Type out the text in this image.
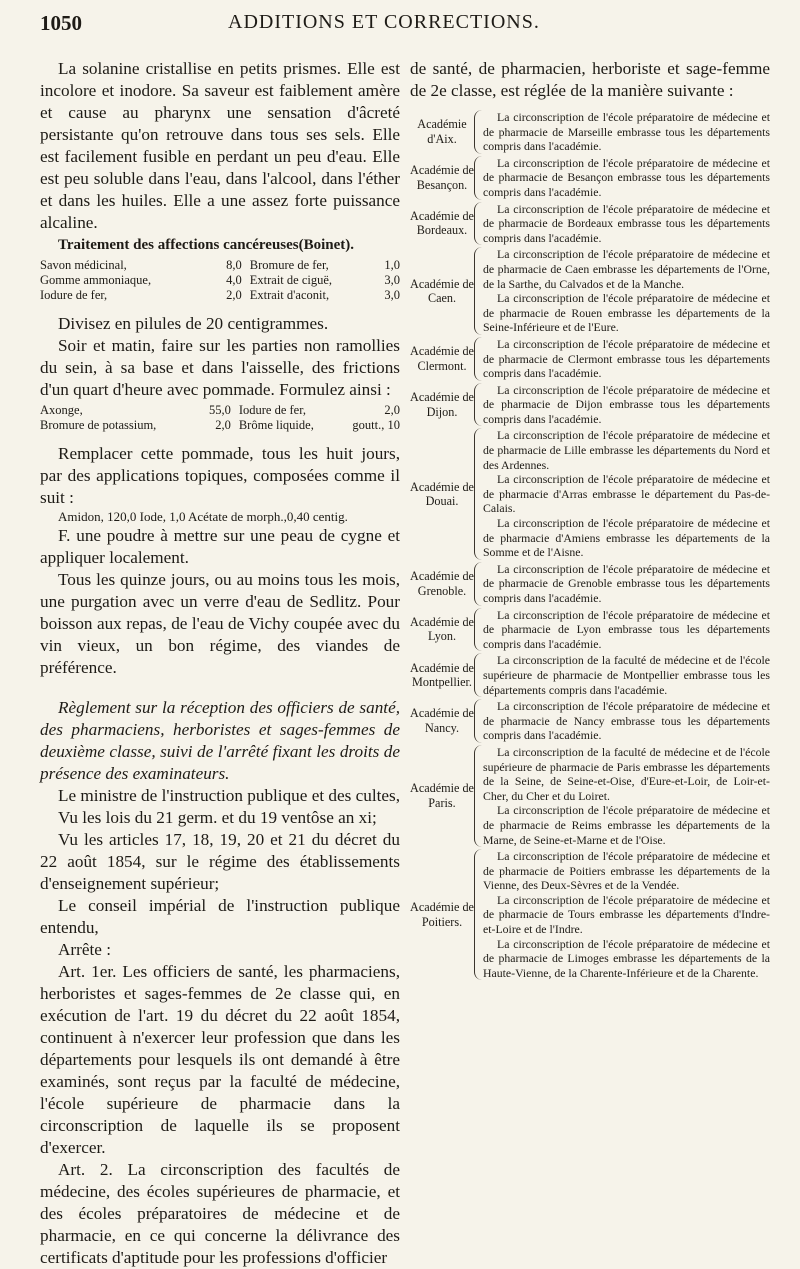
1050	ADDITIONS ET CORRECTIONS.

La solanine cristallise en petits prismes. Elle est incolore et inodore. Sa saveur est faiblement amère et cause au pharynx une sensation d'âcreté persistante qu'on retrouve dans tous ses sels. Elle est facilement fusible en perdant un peu d'eau. Elle est peu soluble dans l'eau, dans l'alcool, dans l'éther et dans les huiles. Elle a une assez forte puissance alcaline.

Traitement des affections cancéreuses(Boinet).

Savon médicinal,	8,0	Bromure de fer,	1,0
Gomme ammoniaque,	4,0	Extrait de ciguë,	3,0
Iodure de fer,	2,0	Extrait d'aconit,	3,0

Divisez en pilules de 20 centigrammes.

Soir et matin, faire sur les parties non ramollies du sein, à sa base et dans l'aisselle, des frictions d'un quart d'heure avec pommade. Formulez ainsi :

Axonge,	55,0	Iodure de fer,	2,0
Bromure de potassium,	2,0	Brôme liquide,	goutt., 10

Remplacer cette pommade, tous les huit jours, par des applications topiques, composées comme il suit :

Amidon, 120,0 Iode, 1,0 Acétate de morph.,0,40 centig.

F. une poudre à mettre sur une peau de cygne et appliquer localement.

Tous les quinze jours, ou au moins tous les mois, une purgation avec un verre d'eau de Sedlitz. Pour boisson aux repas, de l'eau de Vichy coupée avec du vin vieux, un bon régime, des viandes de préférence.

Règlement sur la réception des officiers de santé, des pharmaciens, herboristes et sages-femmes de deuxième classe, suivi de l'arrêté fixant les droits de présence des examinateurs.

Le ministre de l'instruction publique et des cultes,

Vu les lois du 21 germ. et du 19 ventôse an xi;

Vu les articles 17, 18, 19, 20 et 21 du décret du 22 août 1854, sur le régime des établissements d'enseignement supérieur;

Le conseil impérial de l'instruction publique entendu,

Arrête :

Art. 1er. Les officiers de santé, les pharmaciens, herboristes et sages-femmes de 2e classe qui, en exécution de l'art. 19 du décret du 22 août 1854, continuent à n'exercer leur profession que dans les départements pour lesquels ils ont demandé à être examinés, sont reçus par la faculté de médecine, l'école supérieure de pharmacie dans la circonscription de laquelle ils se proposent d'exercer.

Art. 2. La circonscription des facultés de médecine, des écoles supérieures de pharmacie, et des écoles préparatoires de médecine et de pharmacie, en ce qui concerne la délivrance des certificats d'aptitude pour les professions d'officier

de santé, de pharmacien, herboriste et sage-femme de 2e classe, est réglée de la manière suivante :

Académie d'Aix.

La circonscription de l'école préparatoire de médecine et de pharmacie de Marseille embrasse tous les départements compris dans l'académie.

Académie de Besançon.

La circonscription de l'école préparatoire de médecine et de pharmacie de Besançon embrasse tous les départements compris dans l'académie.

Académie de Bordeaux.

La circonscription de l'école préparatoire de médecine et de pharmacie de Bordeaux embrasse tous les départements compris dans l'académie.

Académie de Caen.

La circonscription de l'école préparatoire de médecine et de pharmacie de Caen embrasse les départements de l'Orne, de la Sarthe, du Calvados et de la Manche.

La circonscription de l'école préparatoire de médecine et de pharmacie de Rouen embrasse les départements de la Seine-Inférieure et de l'Eure.

Académie de Clermont.

La circonscription de l'école préparatoire de médecine et de pharmacie de Clermont embrasse tous les départements compris dans l'académie.

Académie de Dijon.

La circonscription de l'école préparatoire de médecine et de pharmacie de Dijon embrasse tous les départements compris dans l'académie.

Académie de Douai.

La circonscription de l'école préparatoire de médecine et de pharmacie de Lille embrasse les départements du Nord et des Ardennes.

La circonscription de l'école préparatoire de médecine et de pharmacie d'Arras embrasse le département du Pas-de-Calais.

La circonscription de l'école préparatoire de médecine et de pharmacie d'Amiens embrasse les départements de la Somme et de l'Aisne.

Académie de Grenoble.

La circonscription de l'école préparatoire de médecine et de pharmacie de Grenoble embrasse tous les départements compris dans l'académie.

Académie de Lyon.

La circonscription de l'école préparatoire de médecine et de pharmacie de Lyon embrasse tous les départements compris dans l'académie.

Académie de Montpellier.

La circonscription de la faculté de médecine et de l'école supérieure de pharmacie de Montpellier embrasse tous les départements compris dans l'académie.

Académie de Nancy.

La circonscription de l'école préparatoire de médecine et de pharmacie de Nancy embrasse tous les départements compris dans l'académie.

Académie de Paris.

La circonscription de la faculté de médecine et de l'école supérieure de pharmacie de Paris embrasse les départements de la Seine, de Seine-et-Oise, d'Eure-et-Loir, de Loir-et-Cher, du Cher et du Loiret.

La circonscription de l'école préparatoire de médecine et de pharmacie de Reims embrasse les départements de la Marne, de Seine-et-Marne et de l'Oise.

Académie de Poitiers.

La circonscription de l'école préparatoire de médecine et de pharmacie de Poitiers embrasse les départements de la Vienne, des Deux-Sèvres et de la Vendée.

La circonscription de l'école préparatoire de médecine et de pharmacie de Tours embrasse les départements d'Indre-et-Loire et de l'Indre.

La circonscription de l'école préparatoire de médecine et de pharmacie de Limoges embrasse les départements de la Haute-Vienne, de la Charente-Inférieure et de la Charente.
